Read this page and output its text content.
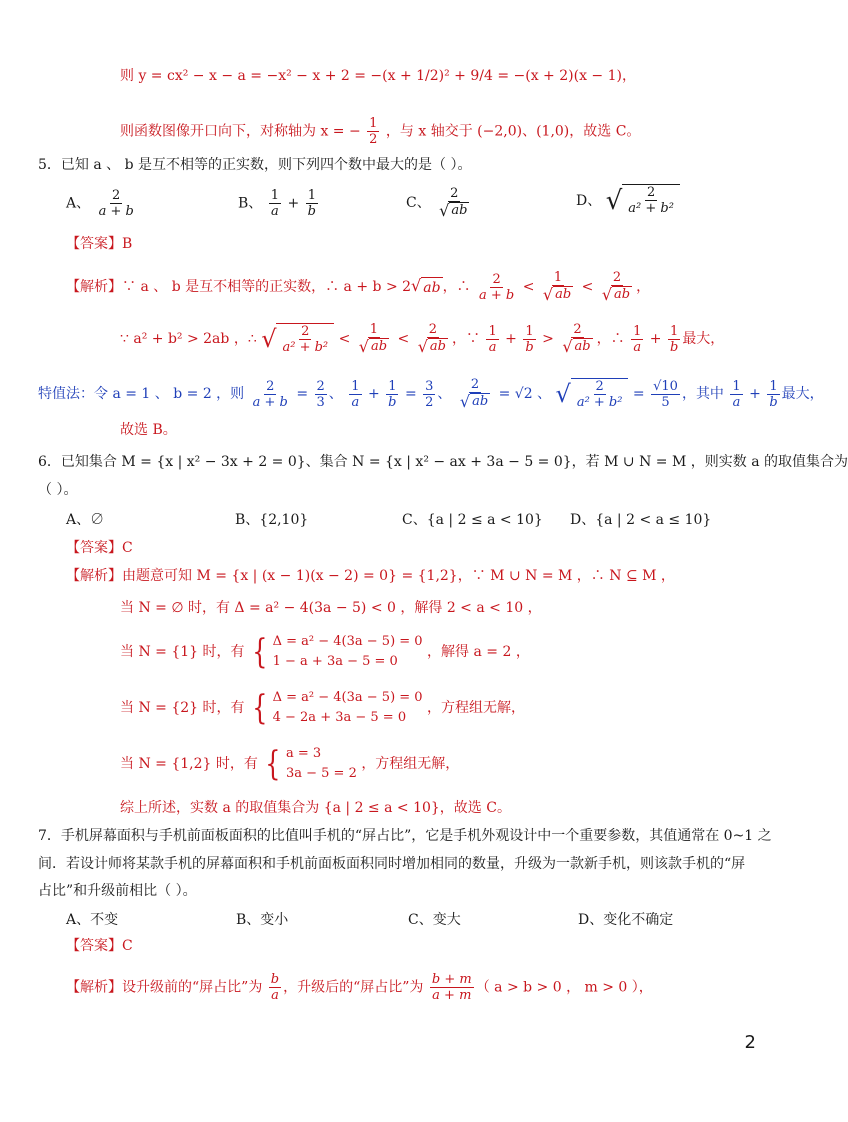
则 y = cx² − x − a = −x² − x + 2 = −(x + 1/2)² + 9/4 = −(x + 2)(x − 1)，
则函数图像开口向下，对称轴为 x = − $\frac{1}{2}$ ，与 x 轴交于 (−2,0)、(1,0)，故选 C。
5．已知 a 、 b 是互不相等的正实数，则下列四个数中最大的是（ ）。
A、 $\frac{2}{a + b}$	B、 $\frac{1}{a} + \frac{1}{b}$	C、 $\frac{2}{√ ab}$	D、 √ $\frac{2}{\text{a² + b²}}$
【答案】B
【解析】∵ a 、 b 是互不相等的正实数，∴ a + b > 2 √ ab ，∴ $\frac{2}{a + b} < \frac{1}{√ ab} < \frac{2}{√ ab}$ ，
∵ a² + b² > 2ab ，∴ √ $\frac{2}{\text{a² + b²}} < \frac{1}{√ ab} < \frac{2}{√ ab}$ ，∵ $\frac{1}{a} + \frac{1}{b} > \frac{2}{√ ab}$ ，∴ $\frac{1}{a} + \frac{1}{b}$ 最大，
特值法：令 a = 1 、 b = 2 ，则 $\frac{2}{a + b} = \frac{2}{3}$ 、 $\frac{1}{a} + \frac{1}{b} = \frac{3}{2}$ 、 $\frac{2}{√ ab} = √2$ 、 √ $\frac{2}{\text{a² + b²}} = \frac{√10}{5}$ ，其中 $\frac{1}{a} + \frac{1}{b}$ 最大，
故选 B。
6．已知集合 M = {x | x² − 3x + 2 = 0}、集合 N = {x | x² − ax + 3a − 5 = 0}，若 M ∪ N = M ，则实数 a 的取值集合为
（ ）。
A、∅	B、{2,10}	C、{a | 2 ≤ a < 10} D、{a | 2 < a ≤ 10}
【答案】C
【解析】由题意可知 M = {x | (x − 1)(x − 2) = 0} = {1,2}，∵ M ∪ N = M ，∴ N ⊆ M ，
当 N = ∅ 时，有 Δ = a² − 4(3a − 5) < 0 ，解得 2 < a < 10 ，
当 N = {1} 时，有 { Δ = a² − 4(3a − 5) = 0
1 − a + 3a − 5 = 0
，解得 a = 2 ，
当 N = {2} 时，有 { Δ = a² − 4(3a − 5) = 0
4 − 2a + 3a − 5 = 0
，方程组无解，
当 N = {1,2} 时，有 { a = 3
3a − 5 = 2
，方程组无解，
综上所述，实数 a 的取值集合为 {a | 2 ≤ a < 10}，故选 C。
7．手机屏幕面积与手机前面板面积的比值叫手机的“屏占比”，它是手机外观设计中一个重要参数，其值通常在 0~1 之
间．若设计师将某款手机的屏幕面积和手机前面板面积同时增加相同的数量，升级为一款新手机，则该款手机的“屏
占比”和升级前相比（ ）。
A、不变	B、变小	C、变大	D、变化不确定
【答案】C
【解析】设升级前的“屏占比”为 $\frac{b}{a}$ ，升级后的“屏占比”为 $\frac{b + m}{a + m}$ （ a > b > 0 ， m > 0 ），
2
